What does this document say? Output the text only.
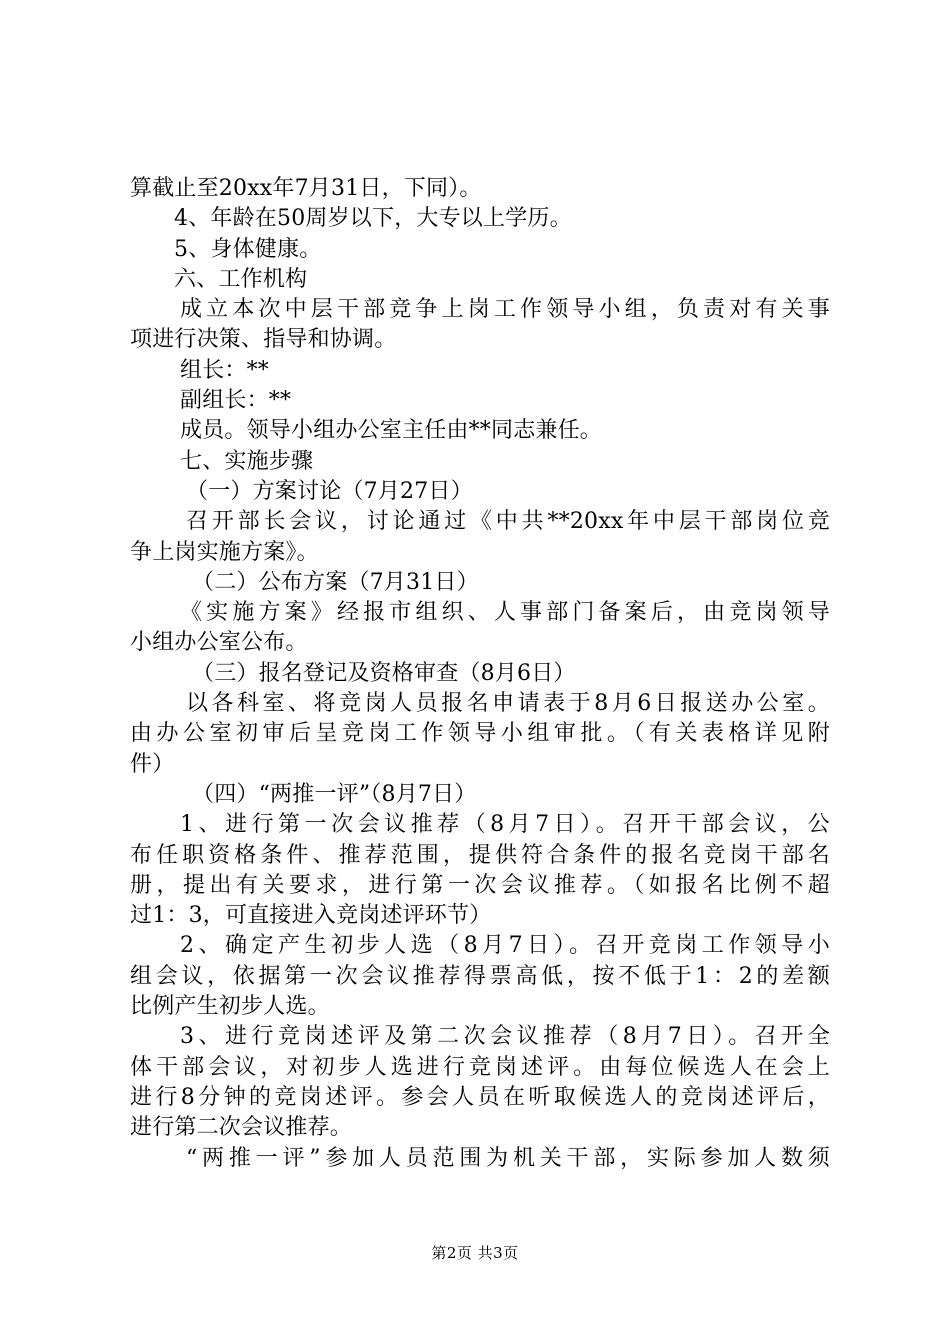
算截止至20xx年7月31日，下同）。
4、年龄在50周岁以下，大专以上学历。
5、身体健康。
六、工作机构
成立本次中层干部竞争上岗工作领导小组，负责对有关事
项进行决策、指导和协调。
组长：**
副组长：**
成员。领导小组办公室主任由**同志兼任。
七、实施步骤
（一）方案讨论（7月27日）
召开部长会议，讨论通过《中共**20xx年中层干部岗位竞
争上岗实施方案》。
（二）公布方案（7月31日）
《实施方案》经报市组织、人事部门备案后，由竞岗领导
小组办公室公布。
（三）报名登记及资格审查（8月6日）
以各科室、将竞岗人员报名申请表于8月6日报送办公室。
由办公室初审后呈竞岗工作领导小组审批。（有关表格详见附
件）
（四）“两推一评”（8月7日）
1、进行第一次会议推荐（8月7日）。召开干部会议，公
布任职资格条件、推荐范围，提供符合条件的报名竞岗干部名
册，提出有关要求，进行第一次会议推荐。（如报名比例不超
过1：3，可直接进入竞岗述评环节）
2、确定产生初步人选（8月7日）。召开竞岗工作领导小
组会议，依据第一次会议推荐得票高低，按不低于1：2的差额
比例产生初步人选。
3、进行竞岗述评及第二次会议推荐（8月7日）。召开全
体干部会议，对初步人选进行竞岗述评。由每位候选人在会上
进行8分钟的竞岗述评。参会人员在听取候选人的竞岗述评后，
进行第二次会议推荐。
“两推一评”参加人员范围为机关干部，实际参加人数须
第2页 共3页
